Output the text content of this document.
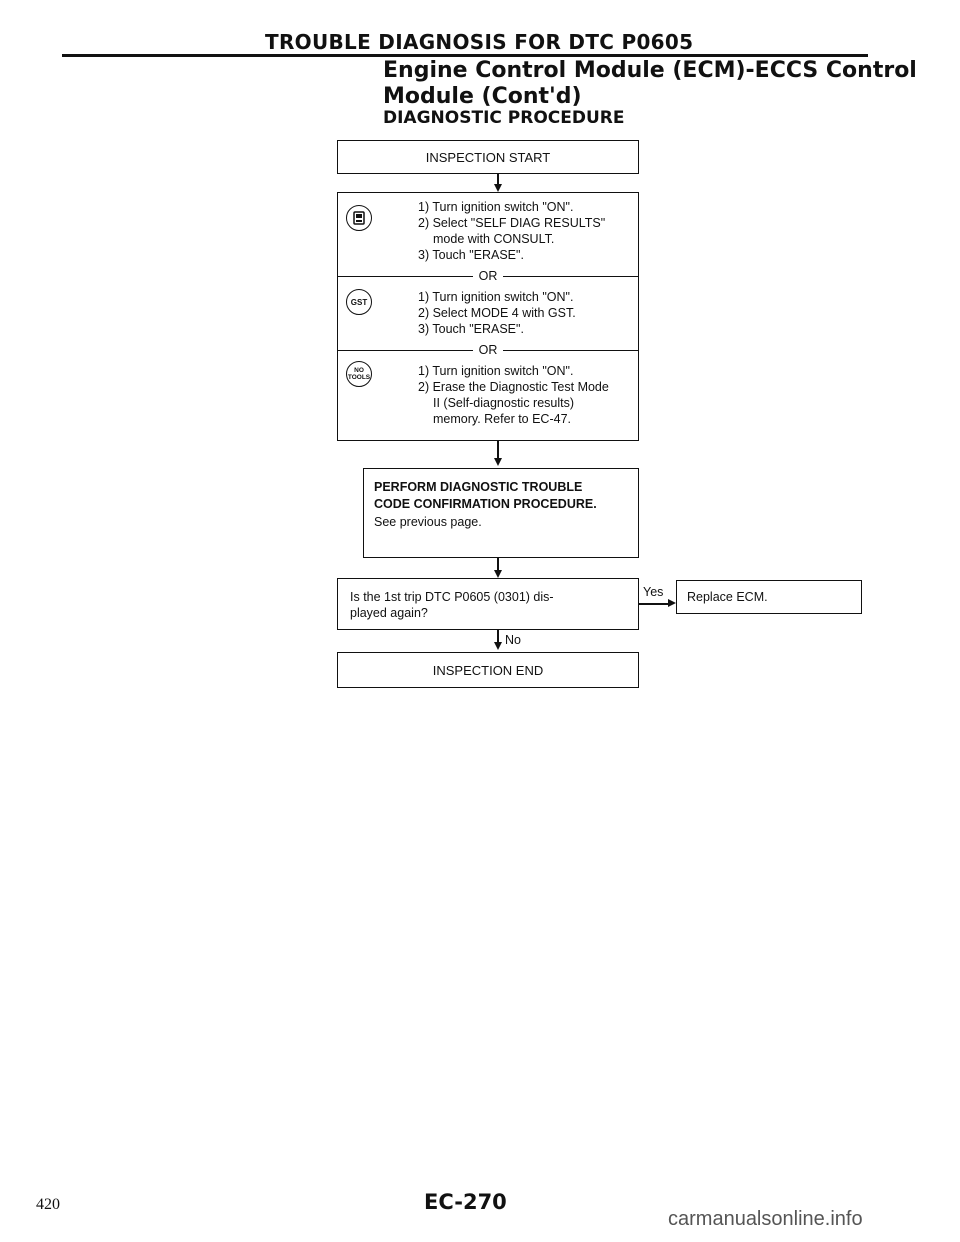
TROUBLE DIAGNOSIS FOR DTC P0605
Engine Control Module (ECM)-ECCS Control
Module (Cont'd)
DIAGNOSTIC PROCEDURE
INSPECTION START
1) Turn ignition switch "ON".
2) Select "SELF DIAG RESULTS"
mode with CONSULT.
3) Touch "ERASE".
OR
GST	1) Turn ignition switch "ON".
2) Select MODE 4 with GST.
3) Touch "ERASE".
OR
NO
TOOLS	1) Turn ignition switch "ON".
2) Erase the Diagnostic Test Mode
II (Self-diagnostic results)
memory. Refer to EC-47.
PERFORM DIAGNOSTIC TROUBLE
CODE CONFIRMATION PROCEDURE.
See previous page.
Is the 1st trip DTC P0605 (0301) dis-
played again?
Yes Replace ECM.
No
INSPECTION END
420	EC-270
carmanualsonline.info
